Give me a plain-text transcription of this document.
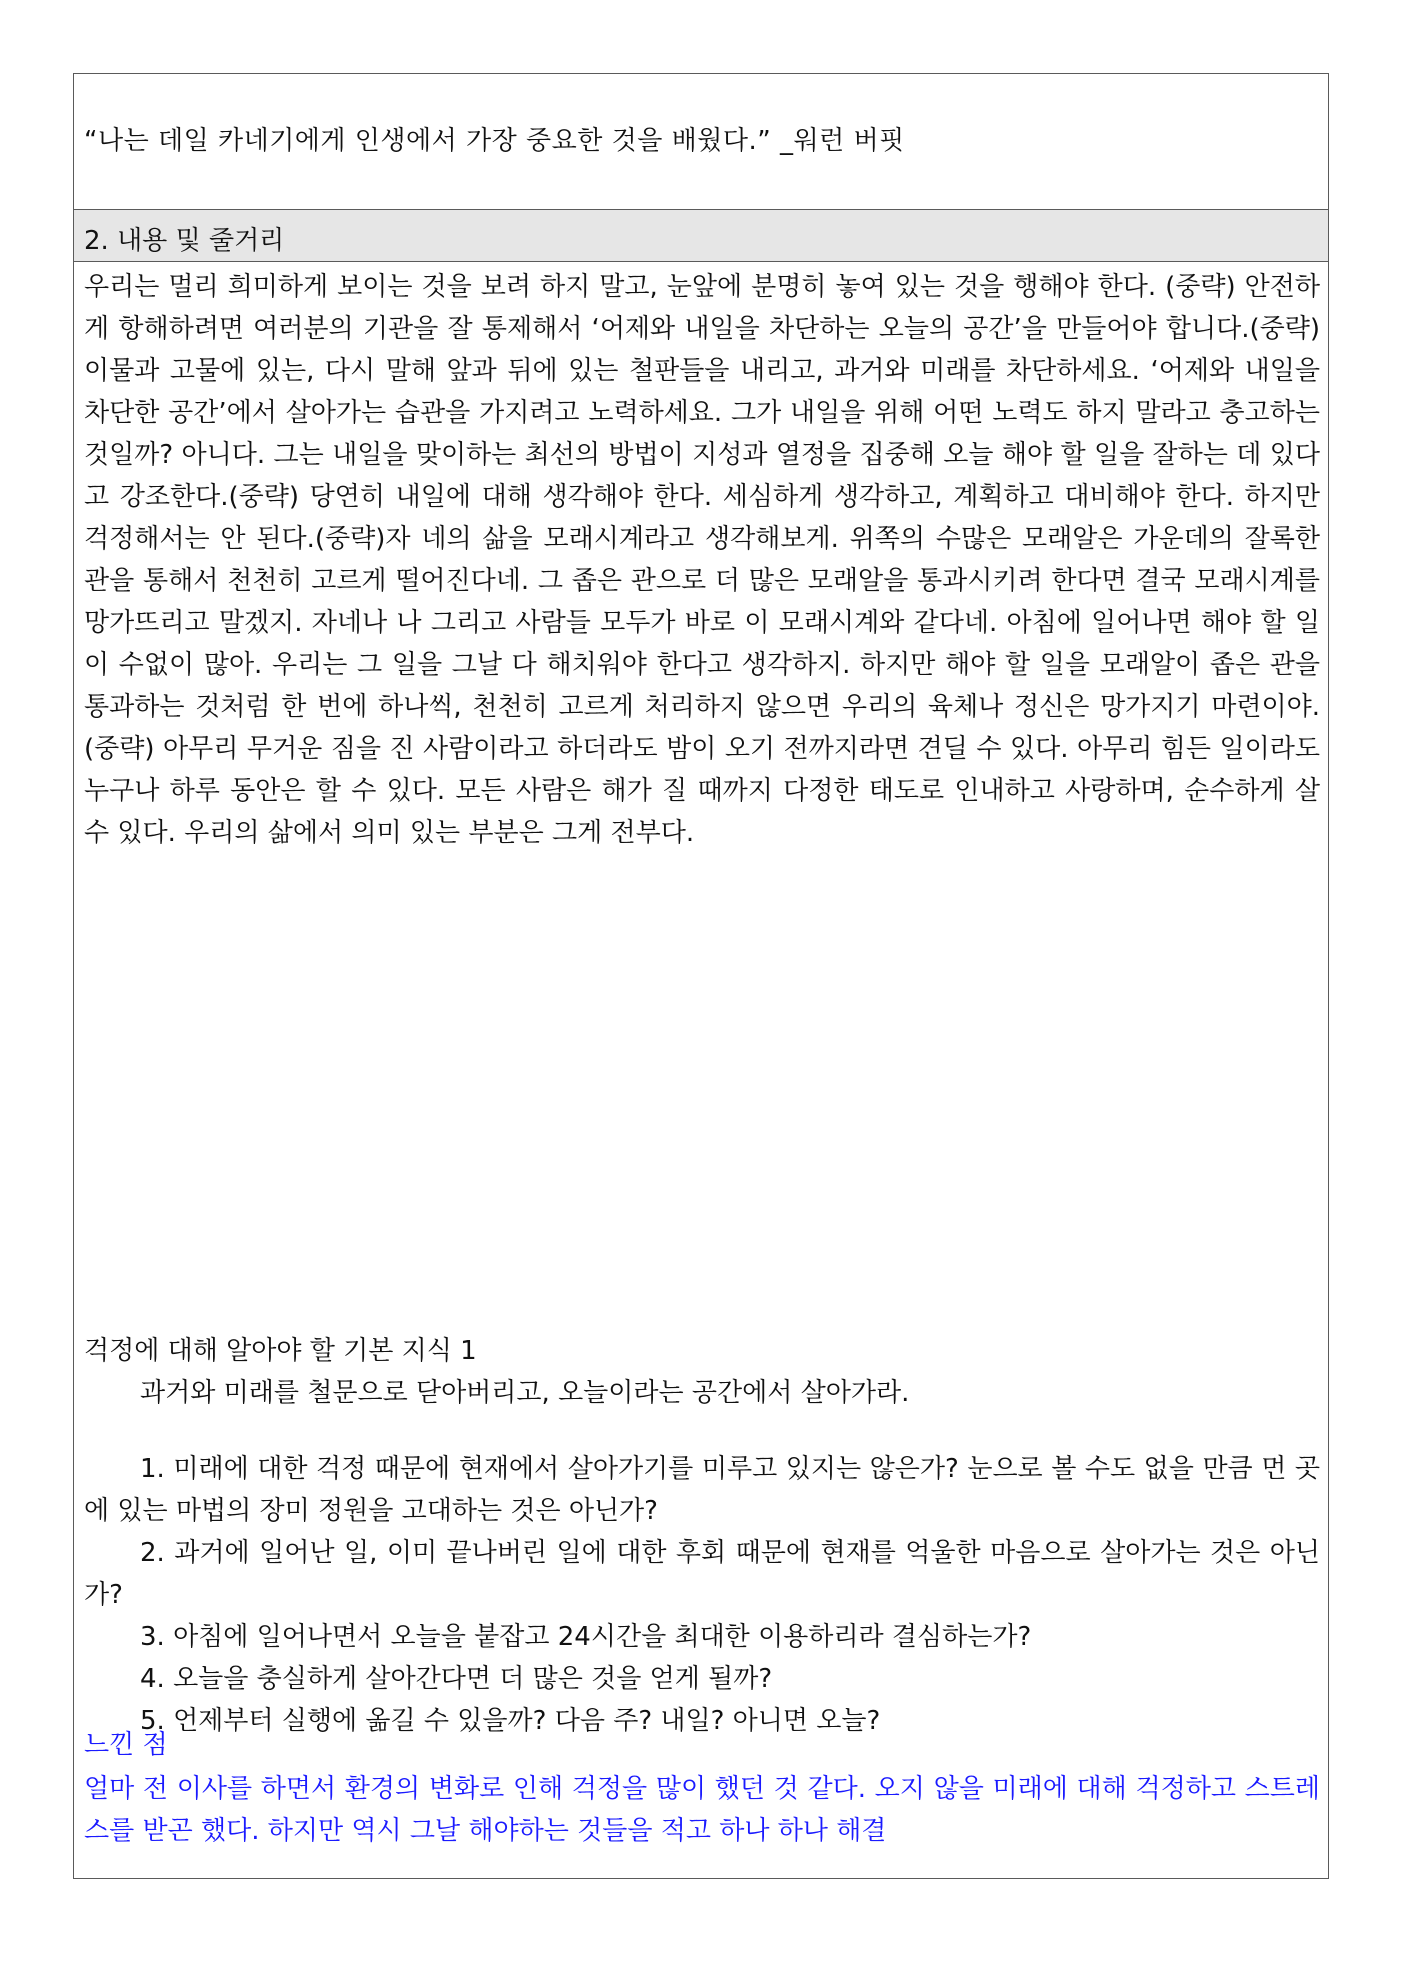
“나는 데일 카네기에게 인생에서 가장 중요한 것을 배웠다.” _워런 버핏
2. 내용 및 줄거리

우리는 멀리 희미하게 보이는 것을 보려 하지 말고, 눈앞에 분명히 놓여 있는 것을 행해야 한다. (중략) 안전하게 항해하려면 여러분의 기관을 잘 통제해서 ‘어제와 내일을 차단하는 오늘의 공간’을 만들어야 합니다.(중략) 이물과 고물에 있는, 다시 말해 앞과 뒤에 있는 철판들을 내리고, 과거와 미래를 차단하세요. ‘어제와 내일을 차단한 공간’에서 살아가는 습관을 가지려고 노력하세요. 그가 내일을 위해 어떤 노력도 하지 말라고 충고하는 것일까? 아니다. 그는 내일을 맞이하는 최선의 방법이 지성과 열정을 집중해 오늘 해야 할 일을 잘하는 데 있다고 강조한다.(중략) 당연히 내일에 대해 생각해야 한다. 세심하게 생각하고, 계획하고 대비해야 한다. 하지만 걱정해서는 안 된다.(중략)자 네의 삶을 모래시계라고 생각해보게. 위쪽의 수많은 모래알은 가운데의 잘록한 관을 통해서 천천히 고르게 떨어진다네. 그 좁은 관으로 더 많은 모래알을 통과시키려 한다면 결국 모래시계를 망가뜨리고 말겠지. 자네나 나 그리고 사람들 모두가 바로 이 모래시계와 같다네. 아침에 일어나면 해야 할 일이 수없이 많아. 우리는 그 일을 그날 다 해치워야 한다고 생각하지. 하지만 해야 할 일을 모래알이 좁은 관을 통과하는 것처럼 한 번에 하나씩, 천천히 고르게 처리하지 않으면 우리의 육체나 정신은 망가지기 마련이야. (중략) 아무리 무거운 짐을 진 사람이라고 하더라도 밤이 오기 전까지라면 견딜 수 있다. 아무리 힘든 일이라도 누구나 하루 동안은 할 수 있다. 모든 사람은 해가 질 때까지 다정한 태도로 인내하고 사랑하며, 순수하게 살 수 있다. 우리의 삶에서 의미 있는 부분은 그게 전부다.

걱정에 대해 알아야 할 기본 지식 1

과거와 미래를 철문으로 닫아버리고, 오늘이라는 공간에서 살아가라.

1. 미래에 대한 걱정 때문에 현재에서 살아가기를 미루고 있지는 않은가? 눈으로 볼 수도 없을 만큼 먼 곳에 있는 마법의 장미 정원을 고대하는 것은 아닌가?

2. 과거에 일어난 일, 이미 끝나버린 일에 대한 후회 때문에 현재를 억울한 마음으로 살아가는 것은 아닌가?

3. 아침에 일어나면서 오늘을 붙잡고 24시간을 최대한 이용하리라 결심하는가?

4. 오늘을 충실하게 살아간다면 더 많은 것을 얻게 될까?

5. 언제부터 실행에 옮길 수 있을까? 다음 주? 내일? 아니면 오늘?

느낀 점

얼마 전 이사를 하면서 환경의 변화로 인해 걱정을 많이 했던 것 같다. 오지 않을 미래에 대해 걱정하고 스트레스를 받곤 했다. 하지만 역시 그날 해야하는 것들을 적고 하나 하나 해결
